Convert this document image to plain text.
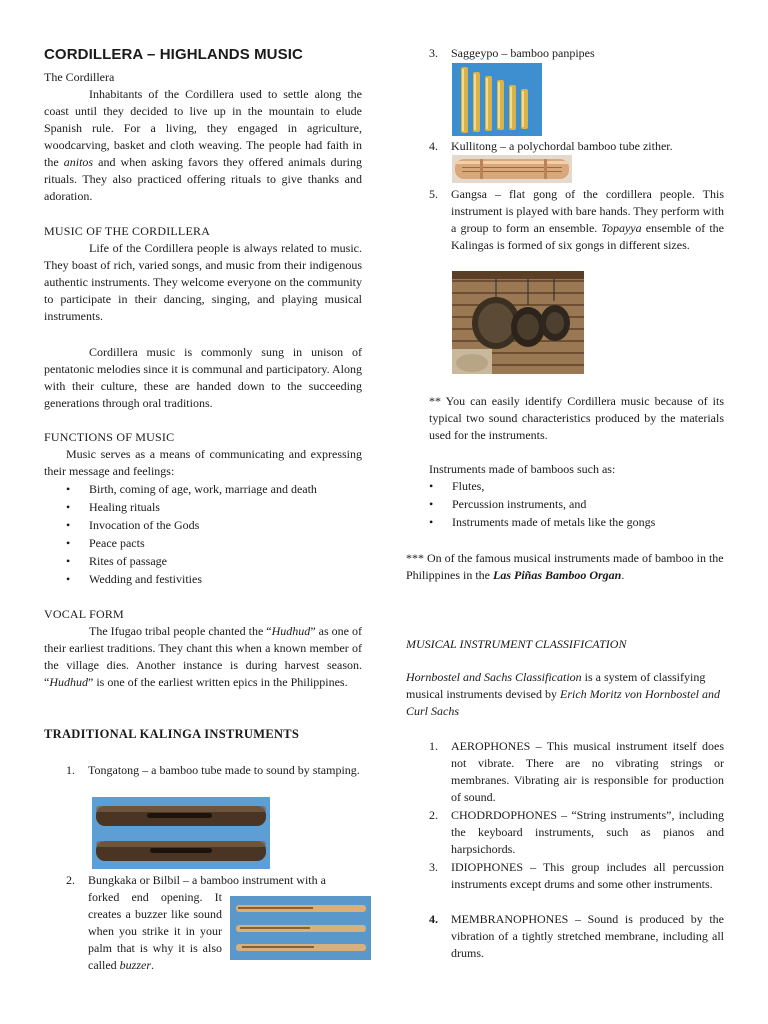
CORDILLERA – HIGHLANDS MUSIC

The Cordillera

Inhabitants of the Cordillera used to settle along the coast until they decided to live up in the mountain to elude Spanish rule. For a living, they engaged in agriculture, woodcarving, basket and cloth weaving. The people had faith in the anitos and when asking favors they offered animals during rituals. They also practiced offering rituals to give thanks and adoration.

MUSIC OF THE CORDILLERA

Life of the Cordillera people is always related to music. They boast of rich, varied songs, and music from their indigenous authentic instruments. They welcome everyone on the community to participate in their dancing, singing, and playing musical instruments.

Cordillera music is commonly sung in unison of pentatonic melodies since it is communal and participatory. Along with their culture, these are handed down to the succeeding generations through oral traditions.

FUNCTIONS OF MUSIC

Music serves as a means of communicating and expressing their message and feelings:

• Birth, coming of age, work, marriage and death
• Healing rituals
• Invocation of the Gods
• Peace pacts
• Rites of passage
• Wedding and festivities

VOCAL FORM

The Ifugao tribal people chanted the “Hudhud” as one of their earliest traditions. They chant this when a known member of the village dies. Another instance is during harvest season. “Hudhud” is one of the earliest written epics in the Philippines.

TRADITIONAL KALINGA INSTRUMENTS

1. Tongatong – a bamboo tube made to sound by stamping.

2. Bungkaka or Bilbil – a bamboo instrument with a

forked end opening. It creates a buzzer like sound when you strike it in your palm that is why it is also called buzzer.

3. Saggeypo – bamboo panpipes

4. Kullitong – a polychordal bamboo tube zither.

5. Gangsa – flat gong of the cordillera people. This instrument is played with bare hands. They perform with a group to form an ensemble. Topayya ensemble of the Kalingas is formed of six gongs in different sizes.

** You can easily identify Cordillera music because of its typical two sound characteristics produced by the materials used for the instruments.

Instruments made of bamboos such as:

• Flutes,
• Percussion instruments, and
• Instruments made of metals like the gongs

*** On of the famous musical instruments made of bamboo in the Philippines in the Las Piñas Bamboo Organ.

MUSICAL INSTRUMENT CLASSIFICATION

Hornbostel and Sachs Classification is a system of classifying musical instruments devised by Erich Moritz von Hornbostel and Curl Sachs

1. AEROPHONES – This musical instrument itself does not vibrate. There are no vibrating strings or membranes. Vibrating air is responsible for production of sound.

2. CHODRDOPHONES – “String instruments”, including the keyboard instruments, such as pianos and harpsichords.

3. IDIOPHONES – This group includes all percussion instruments except drums and some other instruments.

4. MEMBRANOPHONES – Sound is produced by the vibration of a tightly stretched membrane, including all drums.
